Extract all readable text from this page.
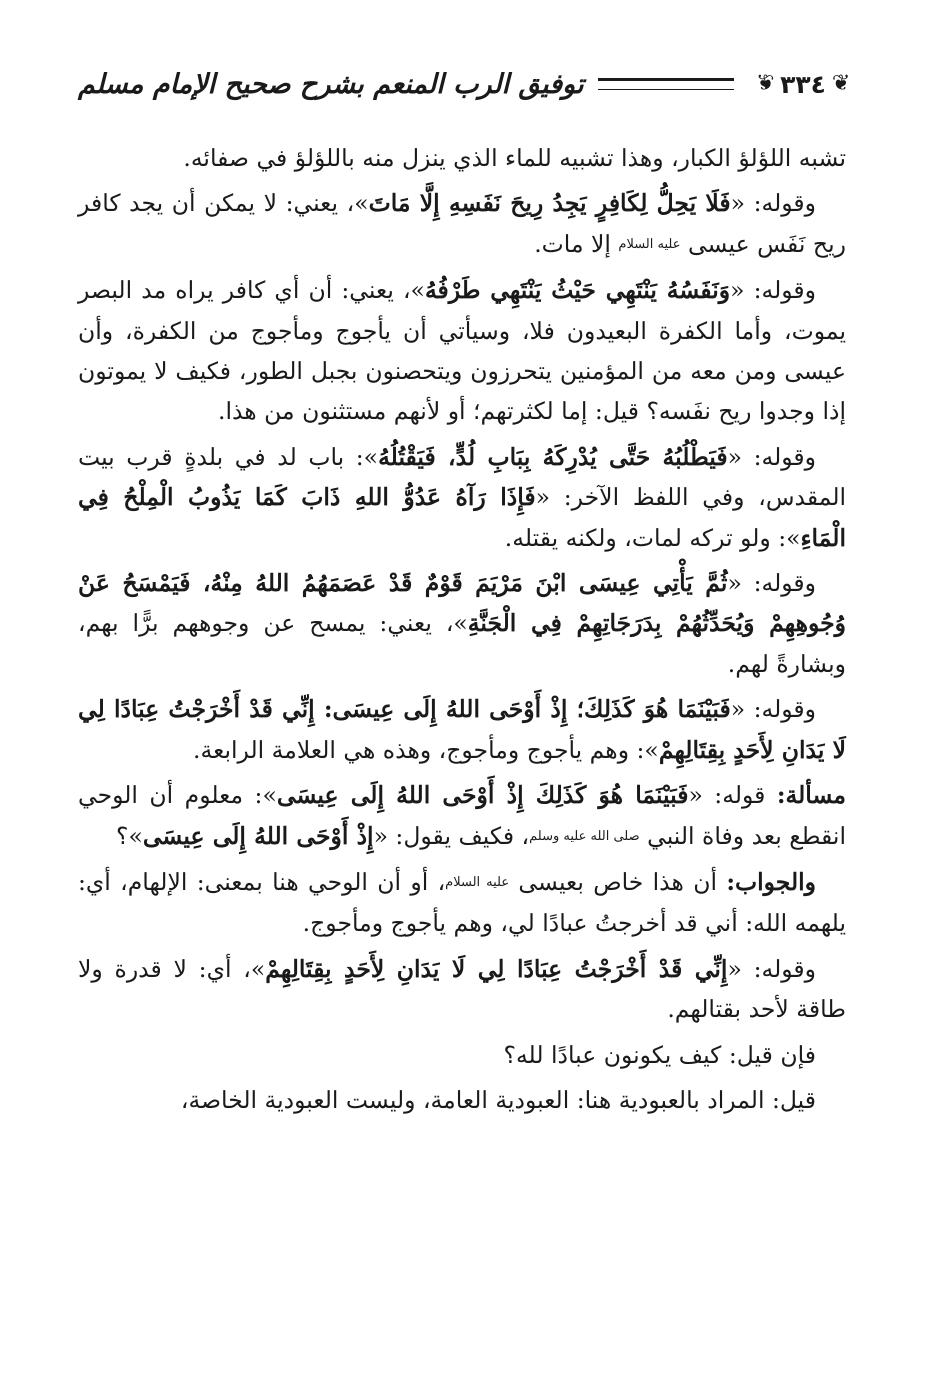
❦
٣٣٤
❦
توفيق الرب المنعم بشرح صحيح الإمام مسلم

تشبه اللؤلؤ الكبار، وهذا تشبيه للماء الذي ينزل منه باللؤلؤ في صفائه.

وقوله: «فَلَا يَحِلُّ لِكَافِرٍ يَجِدُ رِيحَ نَفَسِهِ إِلَّا مَاتَ»، يعني: لا يمكن أن يجد كافر ريح نَفَس عيسى عليه السلام إلا مات.

وقوله: «وَنَفَسُهُ يَنْتَهِي حَيْثُ يَنْتَهِي طَرْفُهُ»، يعني: أن أي كافر يراه مد البصر يموت، وأما الكفرة البعيدون فلا، وسيأتي أن يأجوج ومأجوج من الكفرة، وأن عيسى ومن معه من المؤمنين يتحرزون ويتحصنون بجبل الطور، فكيف لا يموتون إذا وجدوا ريح نفَسه؟ قيل: إما لكثرتهم؛ أو لأنهم مستثنون من هذا.

وقوله: «فَيَطْلُبُهُ حَتَّى يُدْرِكَهُ بِبَابِ لُدٍّ، فَيَقْتُلُهُ»: باب لد في بلدةٍ قرب بيت المقدس، وفي اللفظ الآخر: «فَإِذَا رَآهُ عَدُوُّ اللهِ ذَابَ كَمَا يَذُوبُ الْمِلْحُ فِي الْمَاءِ»: ولو تركه لمات، ولكنه يقتله.

وقوله: «ثُمَّ يَأْتِي عِيسَى ابْنَ مَرْيَمَ قَوْمٌ قَدْ عَصَمَهُمُ اللهُ مِنْهُ، فَيَمْسَحُ عَنْ وُجُوهِهِمْ وَيُحَدِّثُهُمْ بِدَرَجَاتِهِمْ فِي الْجَنَّةِ»، يعني: يمسح عن وجوههم برًّا بهم، وبشارةً لهم.

وقوله: «فَبَيْنَمَا هُوَ كَذَلِكَ؛ إِذْ أَوْحَى اللهُ إِلَى عِيسَى: إِنِّي قَدْ أَخْرَجْتُ عِبَادًا لِي لَا يَدَانِ لِأَحَدٍ بِقِتَالِهِمْ»: وهم يأجوج ومأجوج، وهذه هي العلامة الرابعة.

مسألة: قوله: «فَبَيْنَمَا هُوَ كَذَلِكَ إِذْ أَوْحَى اللهُ إِلَى عِيسَى»: معلوم أن الوحي انقطع بعد وفاة النبي صلى الله عليه وسلم، فكيف يقول: «إِذْ أَوْحَى اللهُ إِلَى عِيسَى»؟

والجواب: أن هذا خاص بعيسى عليه السلام، أو أن الوحي هنا بمعنى: الإلهام، أي: يلهمه الله: أني قد أخرجتُ عبادًا لي، وهم يأجوج ومأجوج.

وقوله: «إِنِّي قَدْ أَخْرَجْتُ عِبَادًا لِي لَا يَدَانِ لِأَحَدٍ بِقِتَالِهِمْ»، أي: لا قدرة ولا طاقة لأحد بقتالهم.

فإن قيل: كيف يكونون عبادًا لله؟

قيل: المراد بالعبودية هنا: العبودية العامة، وليست العبودية الخاصة،
